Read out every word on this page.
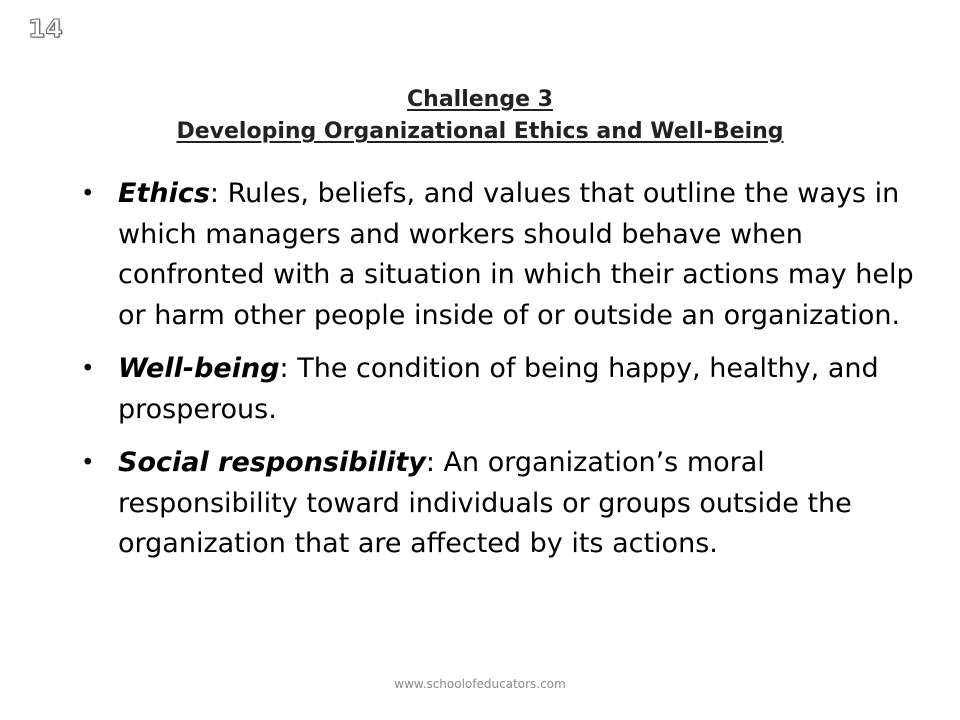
14
Challenge 3
Developing Organizational Ethics and Well-Being
• Ethics: Rules, beliefs, and values that outline the ways in which managers and workers should behave when confronted with a situation in which their actions may help or harm other people inside of or outside an organization.
• Well-being: The condition of being happy, healthy, and prosperous.
• Social responsibility: An organization’s moral responsibility toward individuals or groups outside the organization that are affected by its actions.
www.schoolofeducators.com
